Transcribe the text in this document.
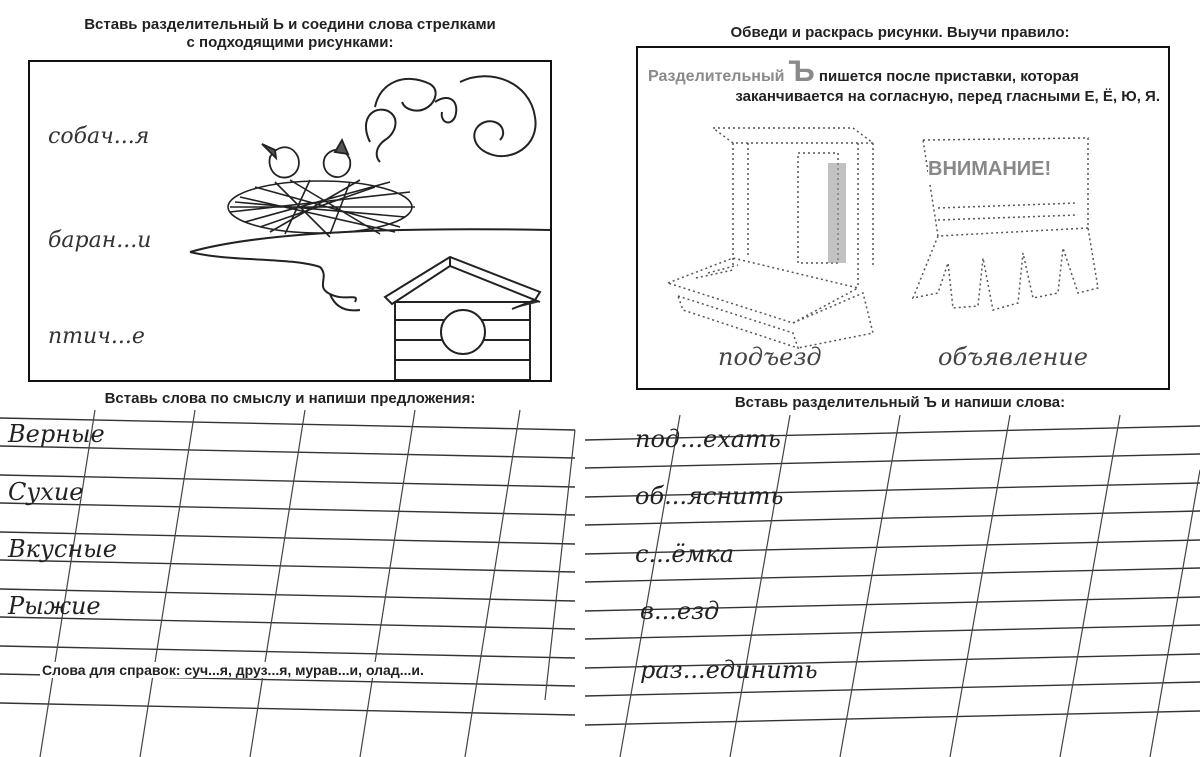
Вставь разделительный Ь и соедини слова стрелками
с подходящими рисунками:
собач...я
баран...и
птич...е
Вставь слова по смыслу и напиши предложения:
Верные
Сухие
Вкусные
Рыжие
Слова для справок: суч...я, друз...я, мурав...и, олад...и.
Обведи и раскрась рисунки. Выучи правило:
Разделительный Ъ пишется после приставки, которая
заканчивается на согласную, перед гласными Е, Ё, Ю, Я.
ВНИМАНИЕ!
подъезд	объявление
Вставь разделительный Ъ и напиши слова:
под...ехать
об...яснить
с...ёмка
в...езд
раз...единить
